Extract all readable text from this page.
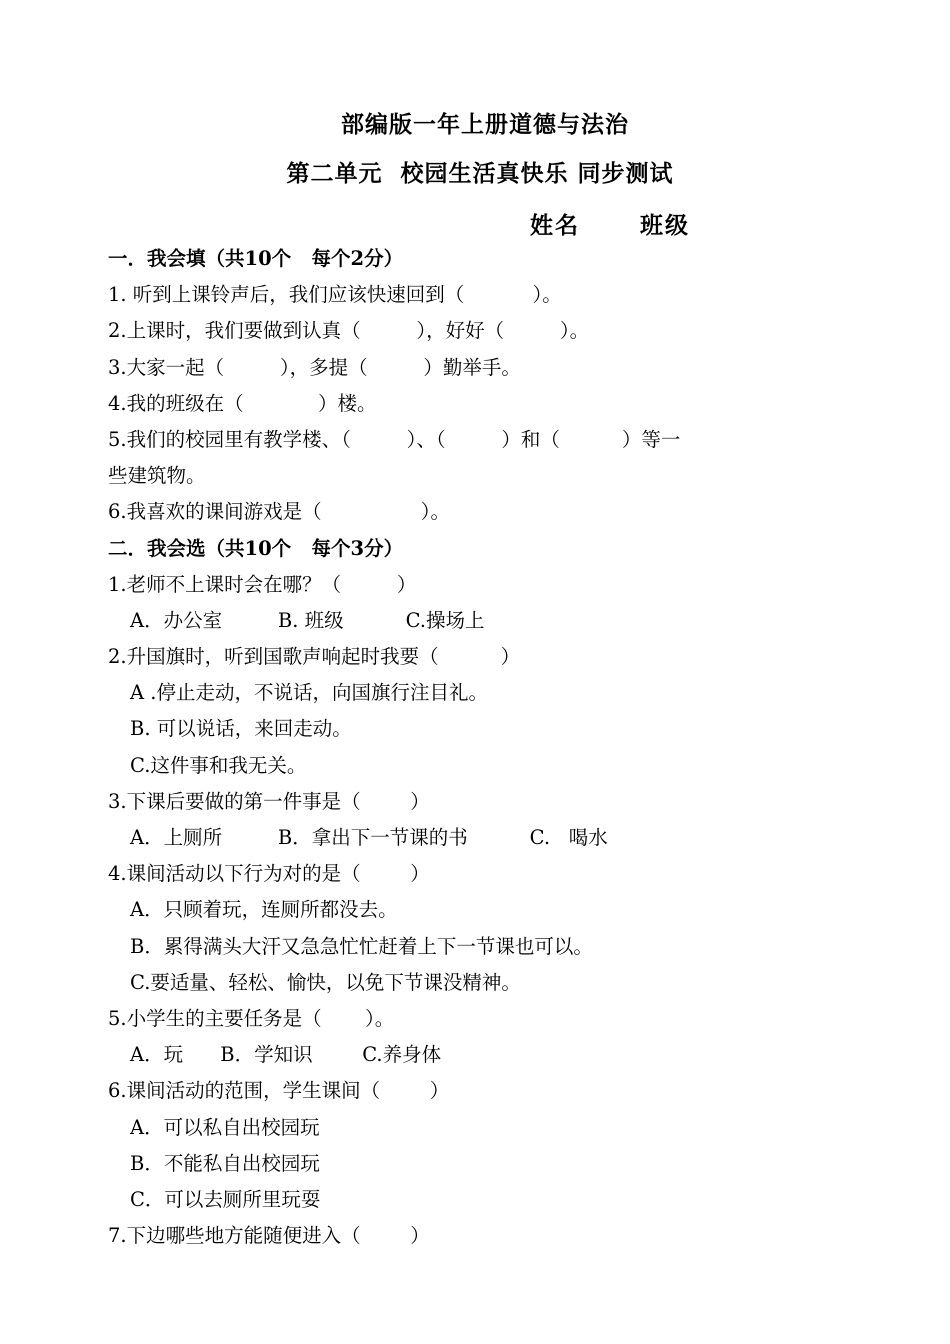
部编版一年上册道德与法治
第二单元  校园生活真快乐 同步测试
姓名	班级
一．我会填（共10个   每个2分）
1. 听到上课铃声后，我们应该快速回到（           ）。
2.上课时，我们要做到认真（         ），好好（         ）。
3.大家一起（         ），多提（         ）勤举手。
4.我的班级在（            ）楼。
5.我们的校园里有教学楼、（         ）、（         ）和（          ）等一
些建筑物。
6.我喜欢的课间游戏是（                ）。
二．我会选（共10个   每个3分）
1.老师不上课时会在哪？（         ）
A．办公室         B. 班级          C.操场上
2.升国旗时，听到国歌声响起时我要（          ）
A .停止走动，不说话，向国旗行注目礼。
B. 可以说话，来回走动。
C.这件事和我无关。
3.下课后要做的第一件事是（        ）
A．上厕所         B．拿出下一节课的书          C.   喝水
4.课间活动以下行为对的是（        ）
A．只顾着玩，连厕所都没去。
B．累得满头大汗又急急忙忙赶着上下一节课也可以。
C.要适量、轻松、愉快，以免下节课没精神。
5.小学生的主要任务是（       ）。
A．玩      B．学知识        C.养身体
6.课间活动的范围，学生课间（        ）
A．可以私自出校园玩
B．不能私自出校园玩
C．可以去厕所里玩耍
7.下边哪些地方能随便进入（        ）
